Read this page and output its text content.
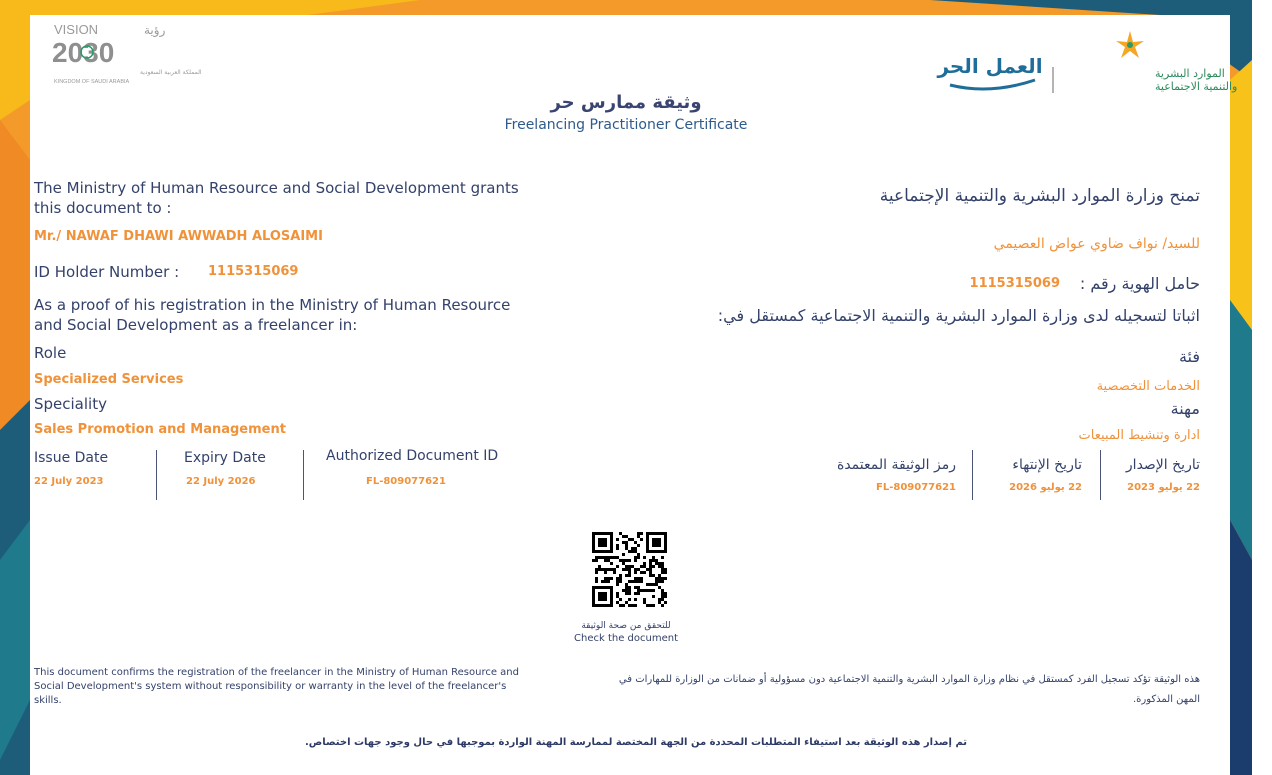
VISION	رؤية
2030
المملكة العربية السعودية
KINGDOM OF SAUDI ARABIA
العمل الحر	الموارد البشرية
والتنمية الاجتماعية
وثيقة ممارس حر
Freelancing Practitioner Certificate
The Ministry of Human Resource and Social Development grants this document to :
Mr./ NAWAF DHAWI AWWADH ALOSAIMI
ID Holder Number : 1115315069
As a proof of his registration in the Ministry of Human Resource and Social Development as a freelancer in:
Role
Specialized Services
Speciality
Sales Promotion and Management
Issue Date
22 July 2023
Expiry Date
22 July 2026
Authorized Document ID
FL-809077621
تمنح وزارة الموارد البشرية والتنمية الإجتماعية
للسيد/ نواف ضاوي عواض العصيمي
حامل الهوية رقم :
1115315069
اثباتا لتسجيله لدى وزارة الموارد البشرية والتنمية الاجتماعية كمستقل في:
فئة
الخدمات التخصصية
مهنة
ادارة وتنشيط المبيعات
تاريخ الإصدار
22 يوليو 2023
تاريخ الإنتهاء
22 يوليو 2026
رمز الوثيقة المعتمدة
FL-809077621
للتحقق من صحة الوثيقة
Check the document
This document confirms the registration of the freelancer in the Ministry of Human Resource and Social Development's system without responsibility or warranty in the level of the freelancer's skills.
هذه الوثيقة تؤكد تسجيل الفرد كمستقل في نظام وزارة الموارد البشرية والتنمية الاجتماعية دون مسؤولية أو ضمانات من الوزارة للمهارات في المهن المذكورة.
تم إصدار هذه الوثيقة بعد استيفاء المتطلبات المحددة من الجهة المختصة لممارسة المهنة الواردة بموجبها في حال وجود جهات اختصاص.
